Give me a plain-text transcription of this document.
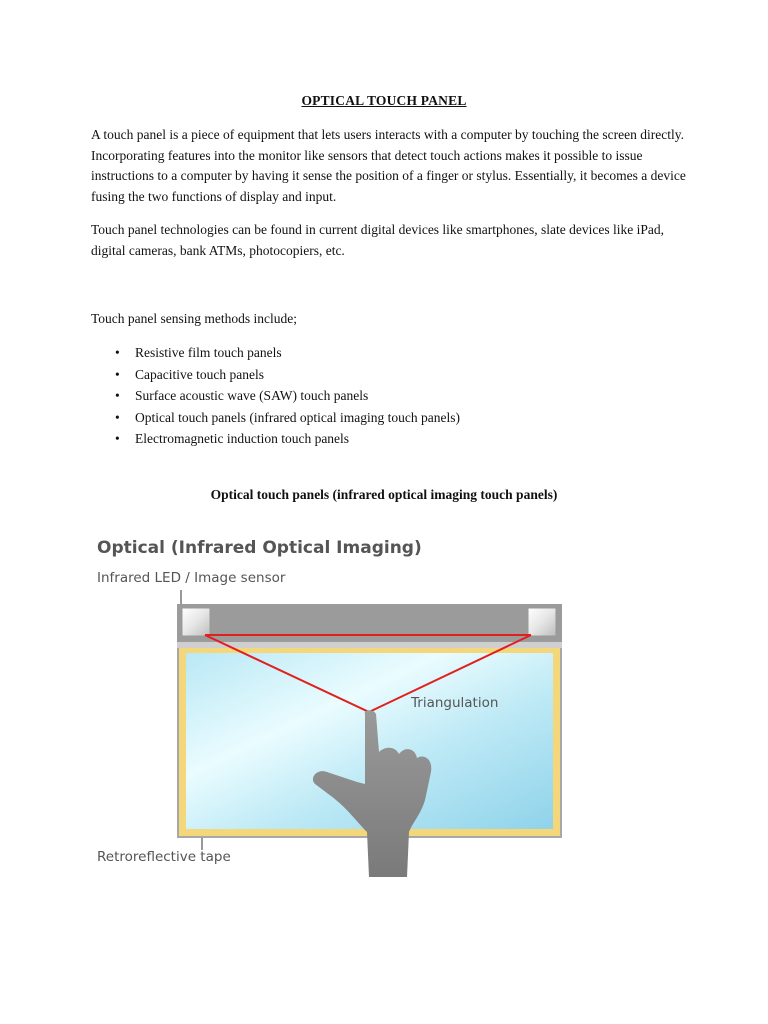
OPTICAL TOUCH PANEL

A touch panel is a piece of equipment that lets users interacts with a computer by touching the screen directly. Incorporating features into the monitor like sensors that detect touch actions makes it possible to issue instructions to a computer by having it sense the position of a finger or stylus. Essentially, it becomes a device fusing the two functions of display and input.

Touch panel technologies can be found in current digital devices like smartphones, slate devices like iPad, digital cameras, bank ATMs, photocopiers, etc.

Touch panel sensing methods include;

• Resistive film touch panels
• Capacitive touch panels
• Surface acoustic wave (SAW) touch panels
• Optical touch panels (infrared optical imaging touch panels)
• Electromagnetic induction touch panels
Optical touch panels (infrared optical imaging touch panels)
Optical (Infrared Optical Imaging)
Infrared LED / Image sensor
Triangulation
Retroreflective tape
